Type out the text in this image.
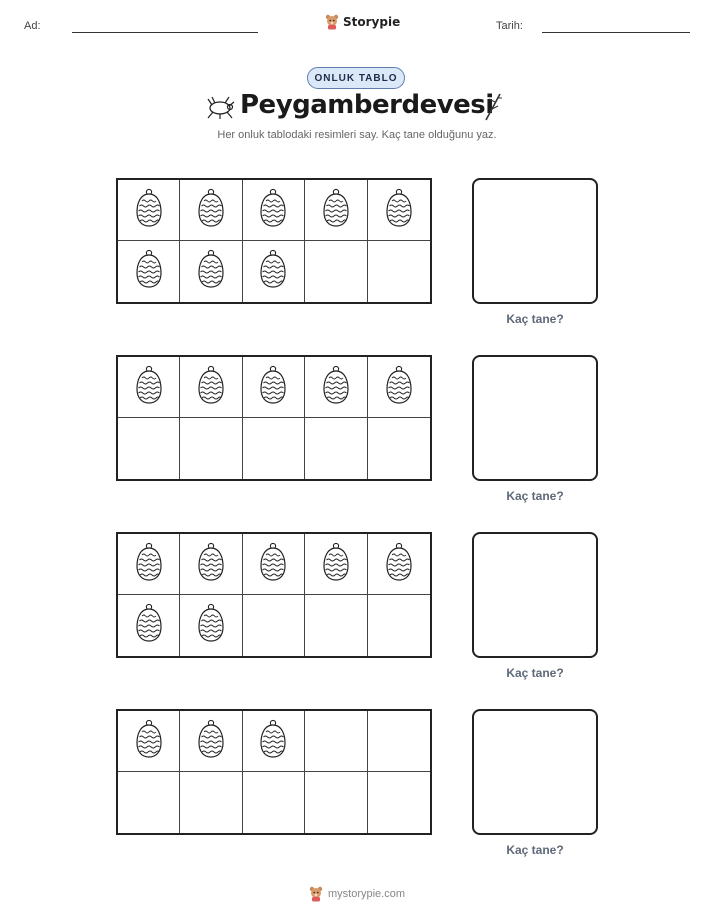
Ad:	Storypie	Tarih:
ONLUK TABLO
Peygamberdevesi
Her onluk tablodaki resimleri say. Kaç tane olduğunu yaz.
Kaç tane?
Kaç tane?
Kaç tane?
Kaç tane?
mystorypie.com
